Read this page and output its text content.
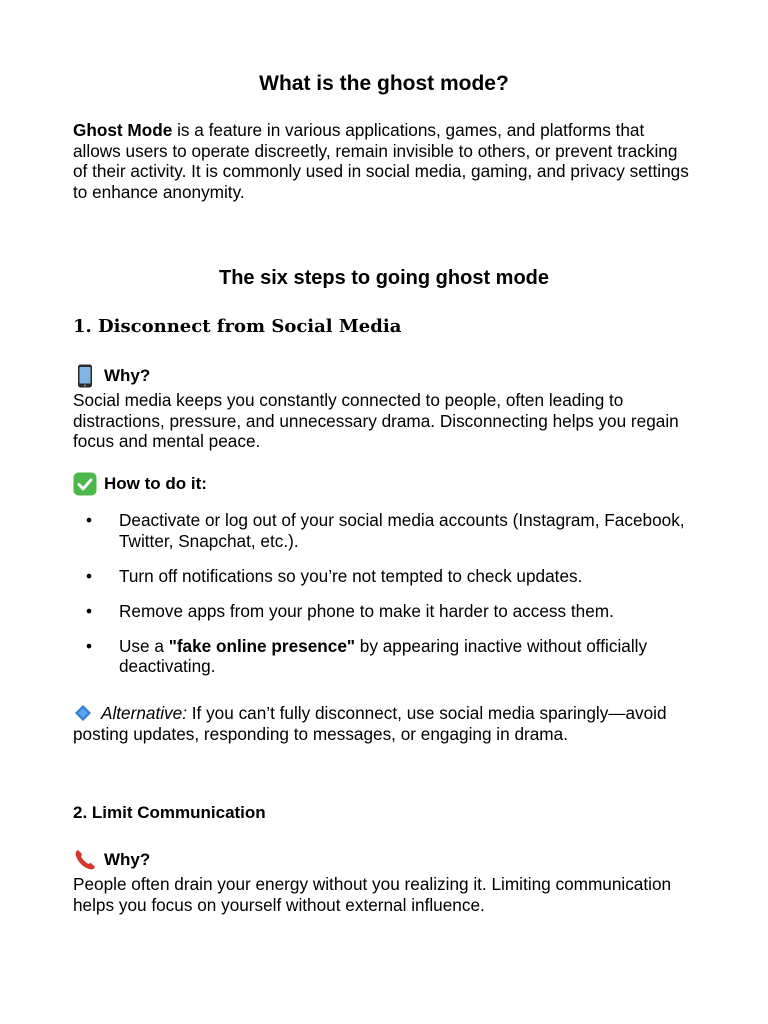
What is the ghost mode?

Ghost Mode is a feature in various applications, games, and platforms that allows users to operate discreetly, remain invisible to others, or prevent tracking of their activity. It is commonly used in social media, gaming, and privacy settings to enhance anonymity.

The six steps to going ghost mode
1. Disconnect from Social Media
Why?

Social media keeps you constantly connected to people, often leading to distractions, pressure, and unnecessary drama. Disconnecting helps you regain focus and mental peace.

How to do it:
• Deactivate or log out of your social media accounts (Instagram, Facebook, Twitter, Snapchat, etc.).
• Turn off notifications so you’re not tempted to check updates.
• Remove apps from your phone to make it harder to access them.
• Use a "fake online presence" by appearing inactive without officially deactivating.

Alternative: If you can’t fully disconnect, use social media sparingly—avoid posting updates, responding to messages, or engaging in drama.

2. Limit Communication
Why?

People often drain your energy without you realizing it. Limiting communication helps you focus on yourself without external influence.
